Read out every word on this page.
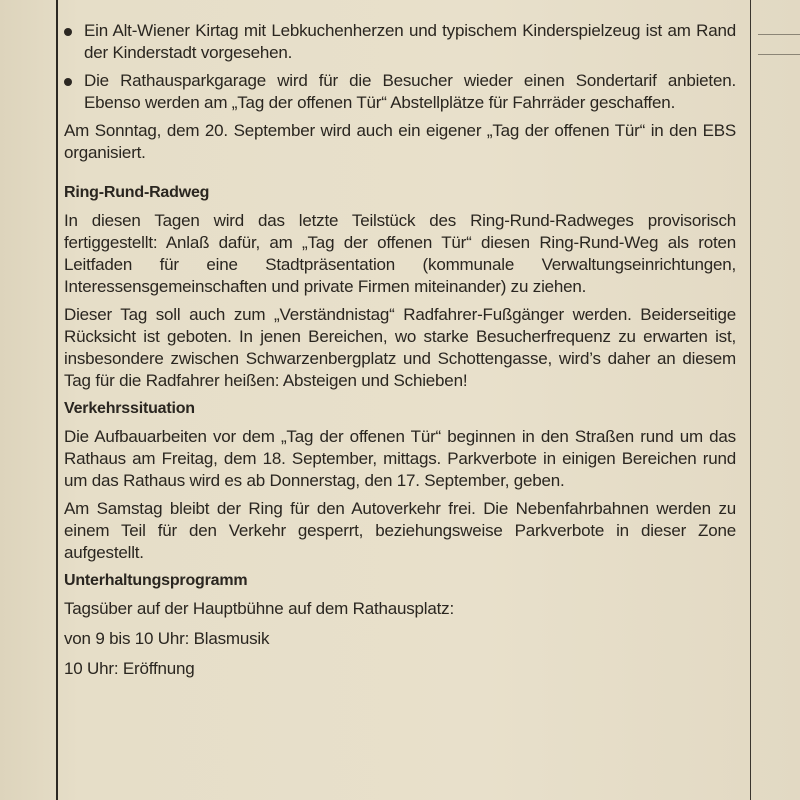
Ein Alt-Wiener Kirtag mit Lebkuchenherzen und typischem Kinderspielzeug ist am Rand der Kinderstadt vorgesehen.

Die Rathausparkgarage wird für die Besucher wieder einen Sondertarif anbieten. Ebenso werden am „Tag der offenen Tür“ Abstellplätze für Fahrräder geschaffen.

Am Sonntag, dem 20. September wird auch ein eigener „Tag der offenen Tür“ in den EBS organisiert.

Ring-Rund-Radweg

In diesen Tagen wird das letzte Teilstück des Ring-Rund-Radweges provisorisch fertiggestellt: Anlaß dafür, am „Tag der offenen Tür“ diesen Ring-Rund-Weg als roten Leitfaden für eine Stadtpräsentation (kommunale Verwaltungseinrichtungen, Interessensgemeinschaften und private Firmen miteinander) zu ziehen.

Dieser Tag soll auch zum „Verständnistag“ Radfahrer-Fußgänger werden. Beiderseitige Rücksicht ist geboten. In jenen Bereichen, wo starke Besucherfrequenz zu erwarten ist, insbesondere zwischen Schwarzenbergplatz und Schottengasse, wird’s daher an diesem Tag für die Radfahrer heißen: Absteigen und Schieben!

Verkehrssituation

Die Aufbauarbeiten vor dem „Tag der offenen Tür“ beginnen in den Straßen rund um das Rathaus am Freitag, dem 18. September, mittags. Parkverbote in einigen Bereichen rund um das Rathaus wird es ab Donnerstag, den 17. September, geben.

Am Samstag bleibt der Ring für den Autoverkehr frei. Die Nebenfahrbahnen werden zu einem Teil für den Verkehr gesperrt, beziehungsweise Parkverbote in dieser Zone aufgestellt.

Unterhaltungsprogramm

Tagsüber auf der Hauptbühne auf dem Rathausplatz:

von 9 bis 10 Uhr: Blasmusik

10 Uhr: Eröffnung
